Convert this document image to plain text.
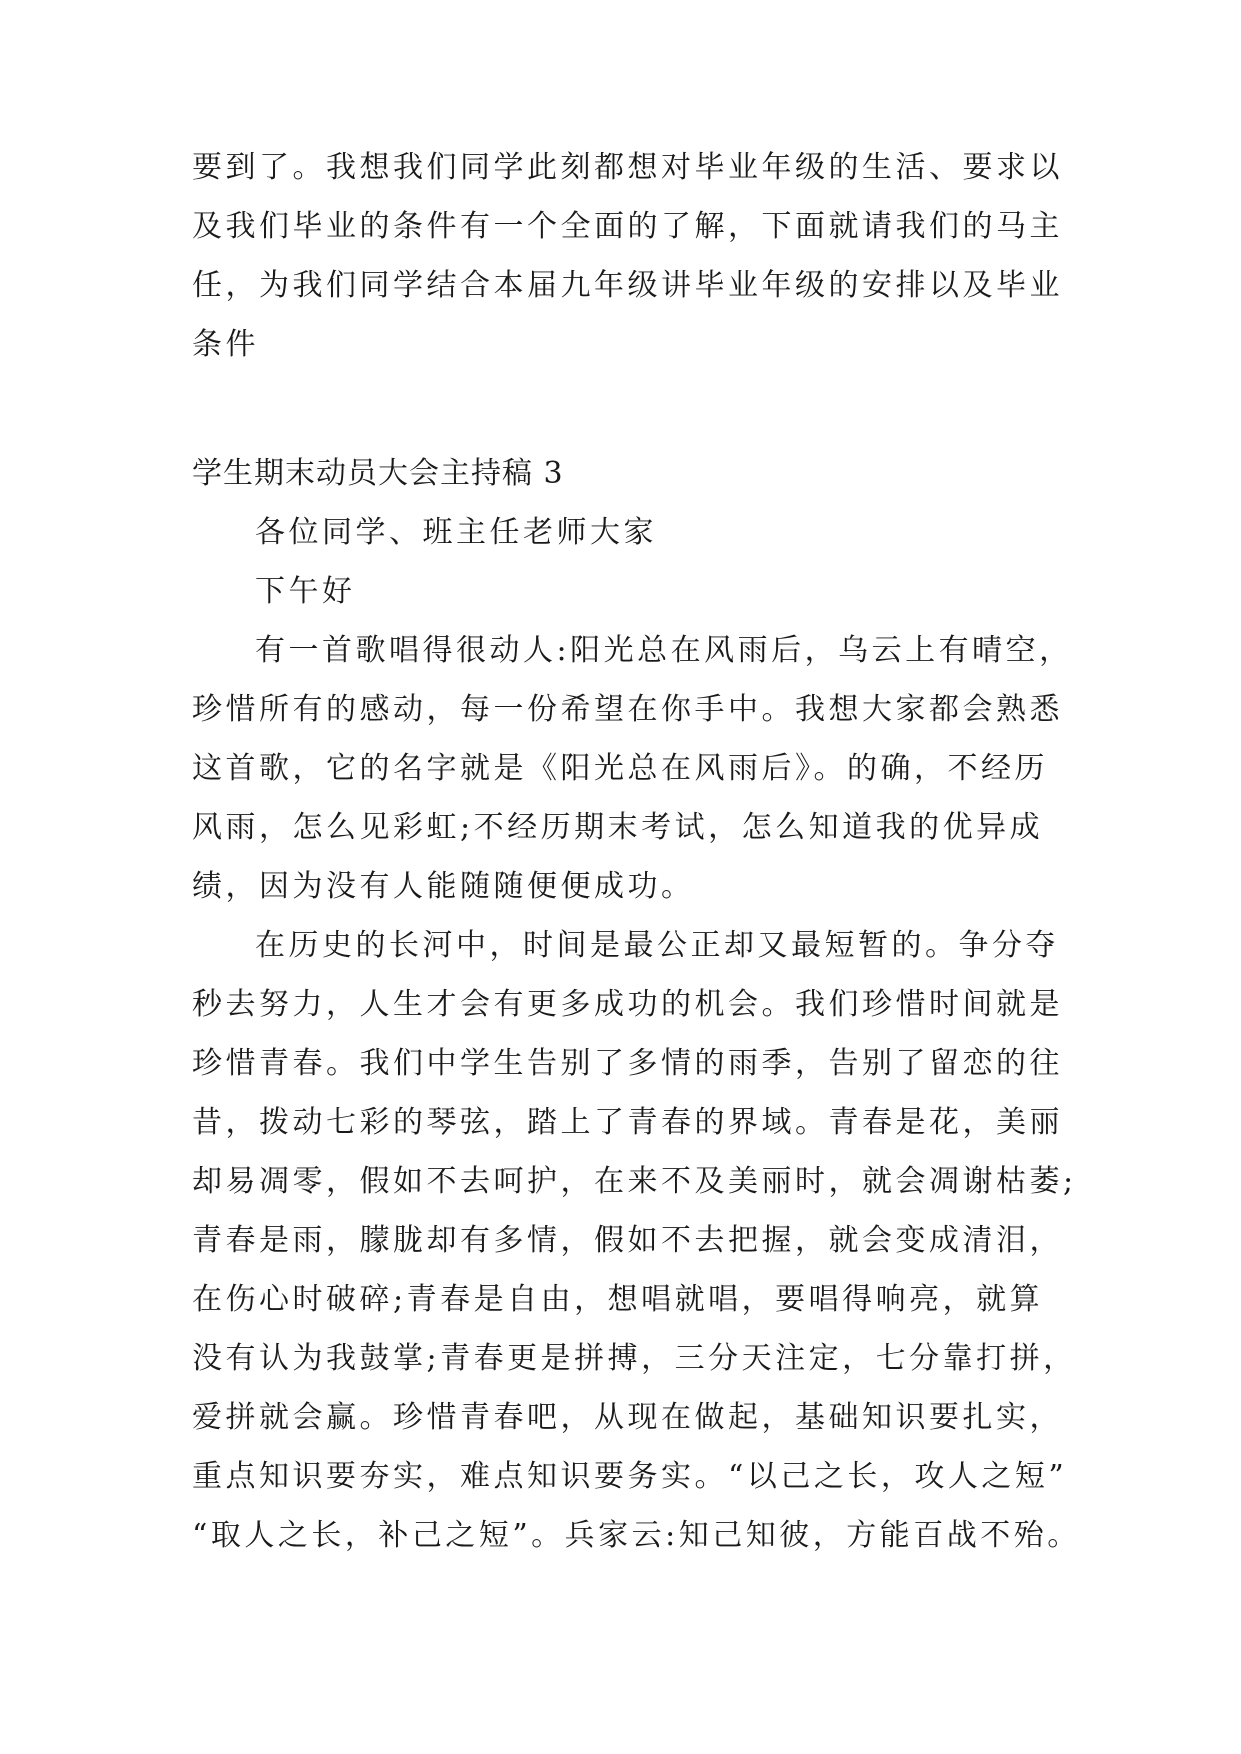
要到了。我想我们同学此刻都想对毕业年级的生活、要求以
及我们毕业的条件有一个全面的了解，下面就请我们的马主
任，为我们同学结合本届九年级讲毕业年级的安排以及毕业
条件
学生期末动员大会主持稿 3
各位同学、班主任老师大家
下午好
有一首歌唱得很动人:阳光总在风雨后，乌云上有晴空，
珍惜所有的感动，每一份希望在你手中。我想大家都会熟悉
这首歌，它的名字就是《阳光总在风雨后》。的确，不经历
风雨，怎么见彩虹;不经历期末考试，怎么知道我的优异成
绩，因为没有人能随随便便成功。
在历史的长河中，时间是最公正却又最短暂的。争分夺
秒去努力，人生才会有更多成功的机会。我们珍惜时间就是
珍惜青春。我们中学生告别了多情的雨季，告别了留恋的往
昔，拨动七彩的琴弦，踏上了青春的界域。青春是花，美丽
却易凋零，假如不去呵护，在来不及美丽时，就会凋谢枯萎;
青春是雨，朦胧却有多情，假如不去把握，就会变成清泪，
在伤心时破碎;青春是自由，想唱就唱，要唱得响亮，就算
没有认为我鼓掌;青春更是拼搏，三分天注定，七分靠打拼，
爱拼就会赢。珍惜青春吧，从现在做起，基础知识要扎实，
重点知识要夯实，难点知识要务实。“以己之长，攻人之短”
“取人之长，补己之短”。兵家云:知己知彼，方能百战不殆。
